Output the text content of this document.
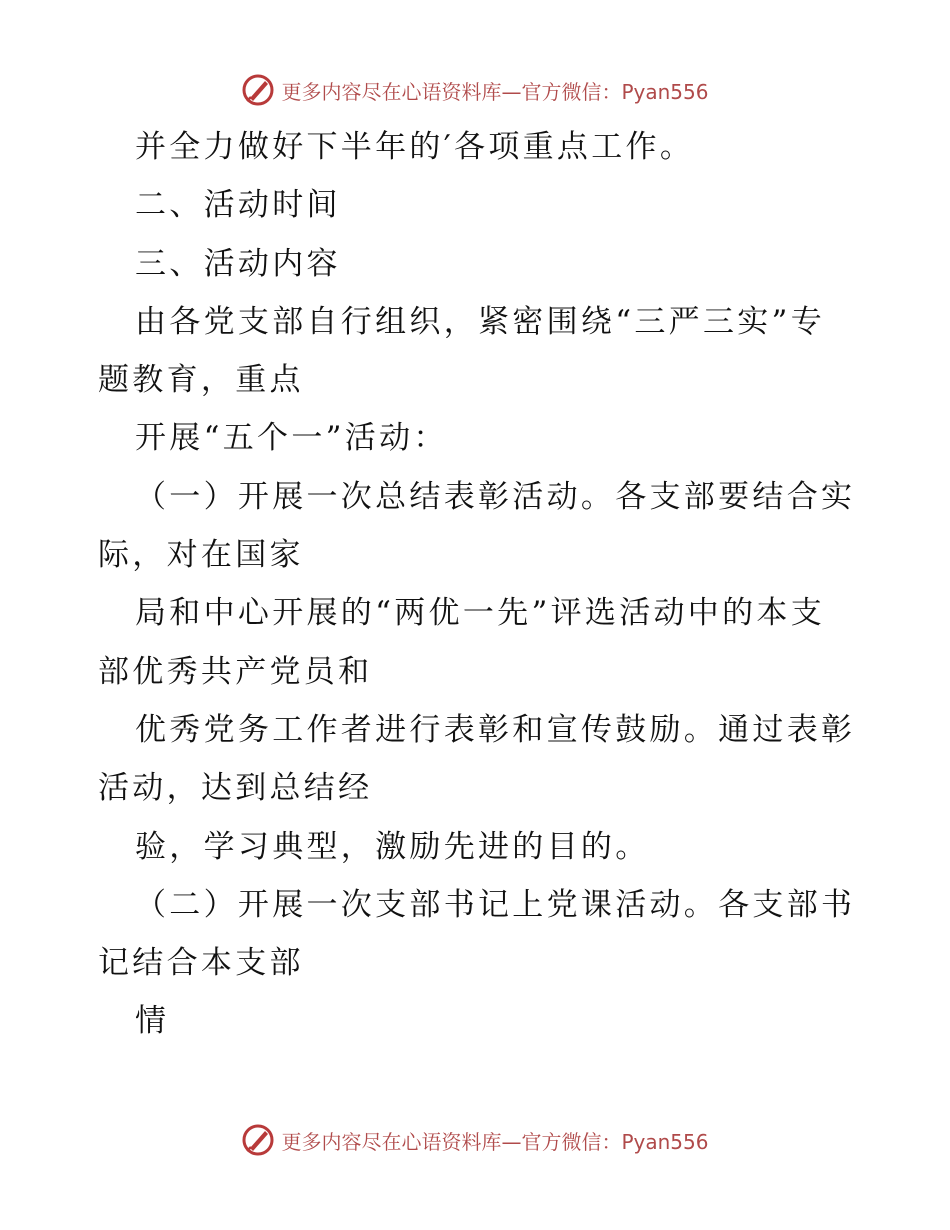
更多内容尽在心语资料库—官方微信：Pyan556
并全力做好下半年的′各项重点工作。
二、活动时间
三、活动内容
由各党支部自行组织，紧密围绕“三严三实”专
题教育，重点
开展“五个一”活动：
（一）开展一次总结表彰活动。各支部要结合实
际，对在国家
局和中心开展的“两优一先”评选活动中的本支
部优秀共产党员和
优秀党务工作者进行表彰和宣传鼓励。通过表彰
活动，达到总结经
验，学习典型，激励先进的目的。
（二）开展一次支部书记上党课活动。各支部书
记结合本支部
情
更多内容尽在心语资料库—官方微信：Pyan556
